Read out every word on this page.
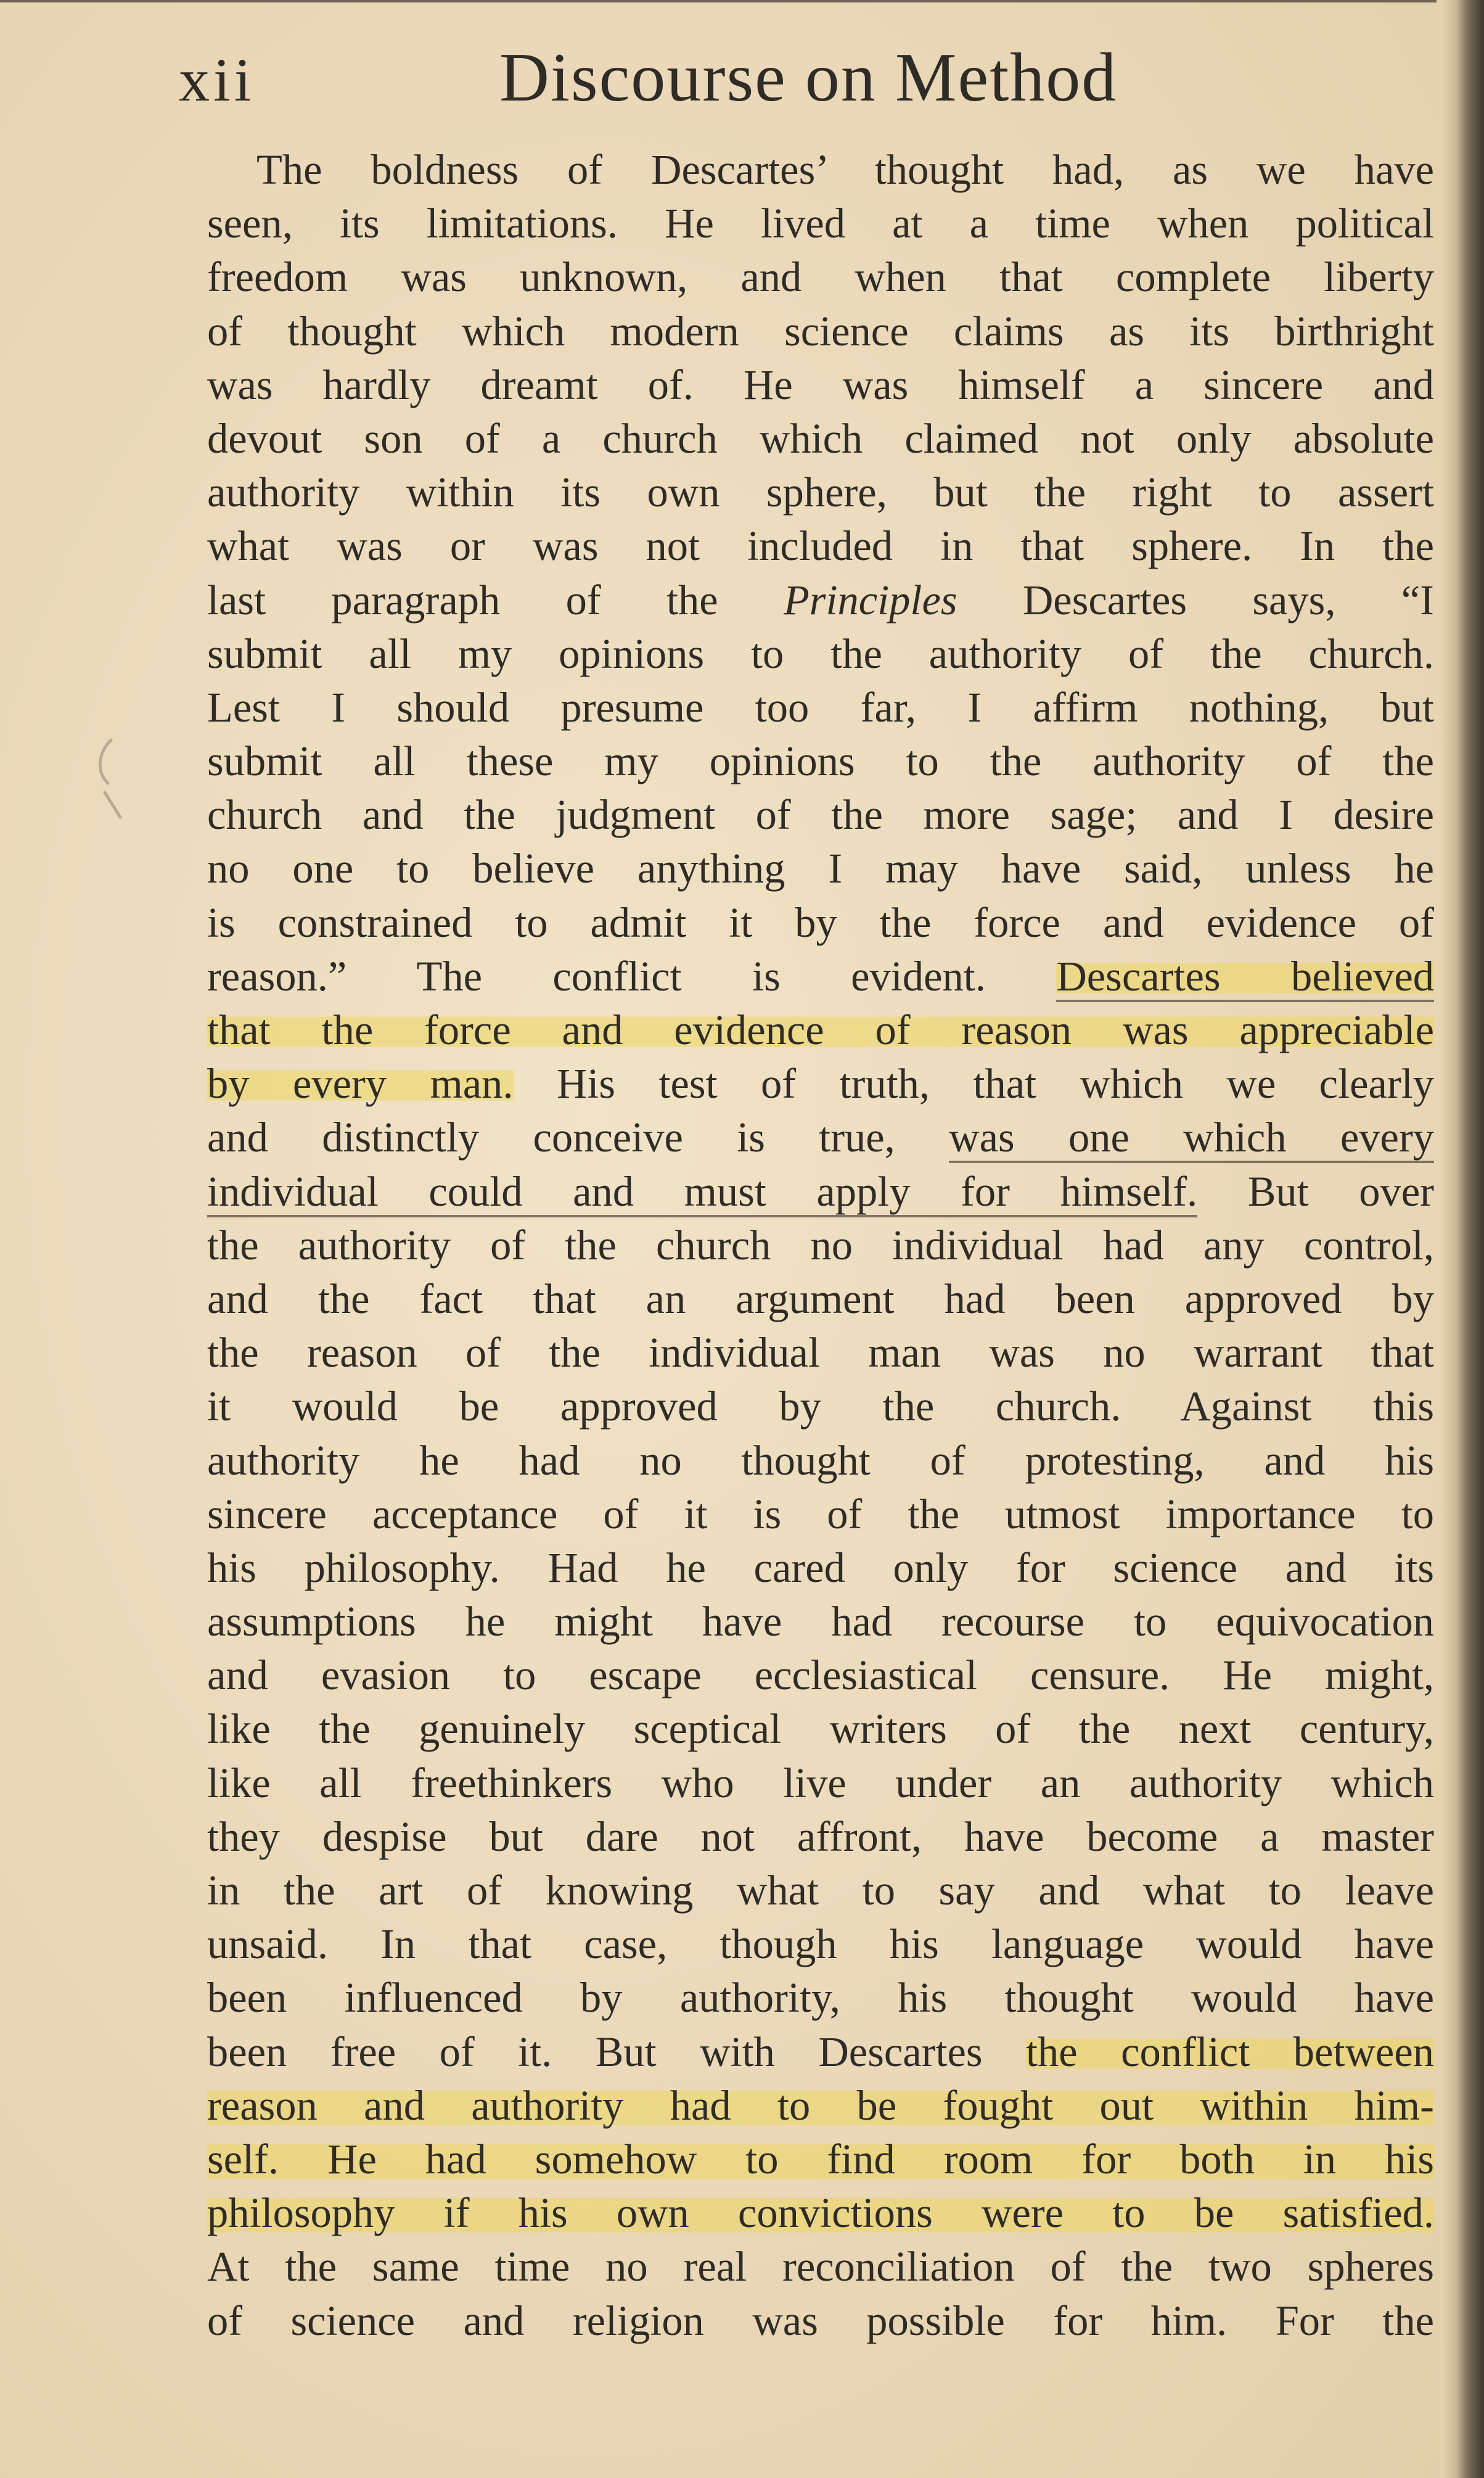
xii	Discourse on Method
The boldness of Descartes’ thought had, as we have
seen, its limitations. He lived at a time when political
freedom was unknown, and when that complete liberty
of thought which modern science claims as its birthright
was hardly dreamt of. He was himself a sincere and
devout son of a church which claimed not only absolute
authority within its own sphere, but the right to assert
what was or was not included in that sphere. In the
last paragraph of the Principles Descartes says, “I
submit all my opinions to the authority of the church.
Lest I should presume too far, I affirm nothing, but
submit all these my opinions to the authority of the
church and the judgment of the more sage; and I desire
no one to believe anything I may have said, unless he
is constrained to admit it by the force and evidence of
reason.” The conflict is evident. Descartes believed
that the force and evidence of reason was appreciable
by every man. His test of truth, that which we clearly
and distinctly conceive is true, was one which every
individual could and must apply for himself. But over
the authority of the church no individual had any control,
and the fact that an argument had been approved by
the reason of the individual man was no warrant that
it would be approved by the church. Against this
authority he had no thought of protesting, and his
sincere acceptance of it is of the utmost importance to
his philosophy. Had he cared only for science and its
assumptions he might have had recourse to equivocation
and evasion to escape ecclesiastical censure. He might,
like the genuinely sceptical writers of the next century,
like all freethinkers who live under an authority which
they despise but dare not affront, have become a master
in the art of knowing what to say and what to leave
unsaid. In that case, though his language would have
been influenced by authority, his thought would have
been free of it. But with Descartes the conflict between
reason and authority had to be fought out within him-
self. He had somehow to find room for both in his
philosophy if his own convictions were to be satisfied.
At the same time no real reconciliation of the two spheres
of science and religion was possible for him. For the
